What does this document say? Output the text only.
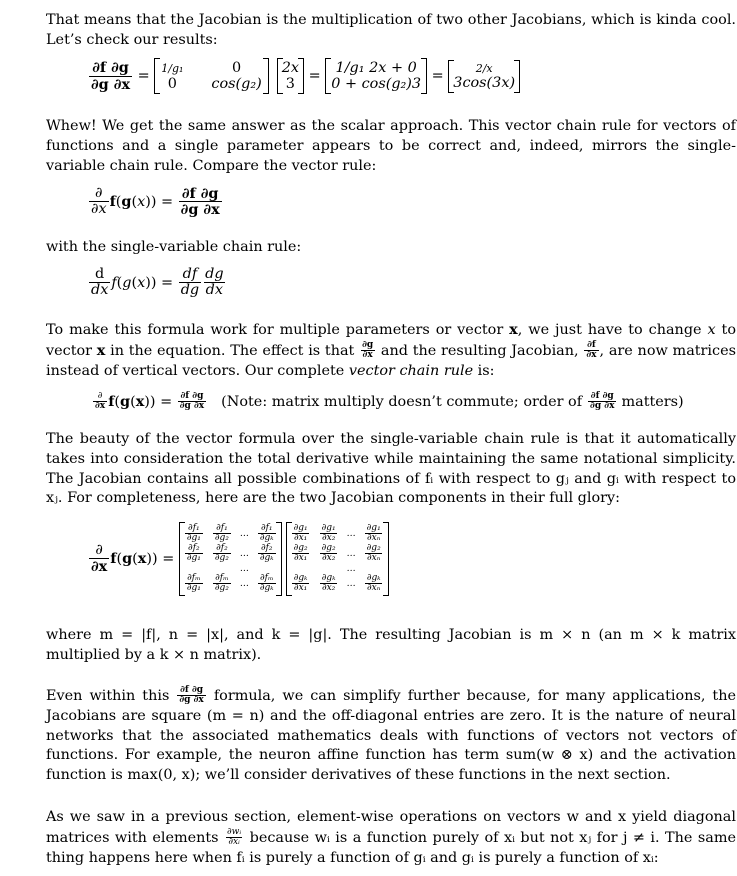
That means that the Jacobian is the multiplication of two other Jacobians, which is kinda cool. Let’s check our results:
$\frac{\partial f \partial g}{\partial g \partial x} = 1/g_1$	0
0 cos(g₂)
2x
3 = 1/g₁ 2x + 0
0 + cos(g₂)3 = 2/x
3cos(3x)
Whew! We get the same answer as the scalar approach. This vector chain rule for vectors of functions and a single parameter appears to be correct and, indeed, mirrors the single-variable chain rule. Compare the vector rule:
$\frac{\partial}{\partial x}$ f ( g ( x )) = $\frac{\partial f \partial g}{\partial g \partial x}$
with the single-variable chain rule:
$\frac{d}{dx}$ f ( g ( x )) = $\frac{df}{dg} \frac{dg}{dx}$
To make this formula work for multiple parameters or vector x, we just have to change x to vector x in the equation. The effect is that $\frac{\partial g}{\partial x}$ and the resulting Jacobian, $\frac{\partial f}{\partial x}$ , are now matrices instead of vertical vectors. Our complete vector chain rule is:
$\frac{\partial}{\partial x}$ f ( g ( x )) = $\frac{\partial f \partial g}{\partial g \partial x}$ (Note: matrix multiply doesn’t commute; order of $\frac{\partial f \partial g}{\partial g \partial x}$ matters)
The beauty of the vector formula over the single-variable chain rule is that it automatically takes into consideration the total derivative while maintaining the same notational simplicity. The Jacobian contains all possible combinations of fᵢ with respect to gⱼ and gᵢ with respect to xⱼ. For completeness, here are the two Jacobian components in their full glory:
$\frac{\partial}{\partial x}$ f ( g ( x )) =
$\frac{\text{∂f₁}}{\text{∂g₁}} \frac{\text{∂f₁}}{\text{∂g₂}}$ … $\frac{\text{∂f₁}}{\text{∂gₖ}}$
$\frac{\text{∂f₂}}{\text{∂g₁}} \frac{\text{∂f₂}}{\text{∂g₂}}$ … $\frac{\text{∂f₂}}{\text{∂gₖ}}$
…
$\frac{\text{∂fₘ}}{\text{∂g₁}} \frac{\text{∂fₘ}}{\text{∂g₂}}$ … $\frac{\text{∂fₘ}}{\text{∂gₖ}}$
$\frac{\text{∂g₁}}{\text{∂x₁}} \frac{\text{∂g₁}}{\text{∂x₂}}$ … $\frac{\text{∂g₁}}{\text{∂xₙ}}$
$\frac{\text{∂g₂}}{\text{∂x₁}} \frac{\text{∂g₂}}{\text{∂x₂}}$ … $\frac{\text{∂g₂}}{\text{∂xₙ}}$
…
$\frac{\text{∂gₖ}}{\text{∂x₁}} \frac{\text{∂gₖ}}{\text{∂x₂}}$ … $\frac{\text{∂gₖ}}{\text{∂xₙ}}$
where m = |f|, n = |x|, and k = |g|. The resulting Jacobian is m × n (an m × k matrix multiplied by a k × n matrix).
Even within this $\frac{\partial f \partial g}{\partial g \partial x}$ formula, we can simplify further because, for many applications, the Jacobians are square (m = n) and the off-diagonal entries are zero. It is the nature of neural networks that the associated mathematics deals with functions of vectors not vectors of functions. For example, the neuron affine function has term sum(w ⊗ x) and the activation function is max(0, x); we’ll consider derivatives of these functions in the next section.
As we saw in a previous section, element-wise operations on vectors w and x yield diagonal matrices with elements $\frac{\text{∂wᵢ}}{\text{∂xᵢ}}$ because wᵢ is a function purely of xᵢ but not xⱼ for j ≠ i. The same thing happens here when fᵢ is purely a function of gᵢ and gᵢ is purely a function of xᵢ:
